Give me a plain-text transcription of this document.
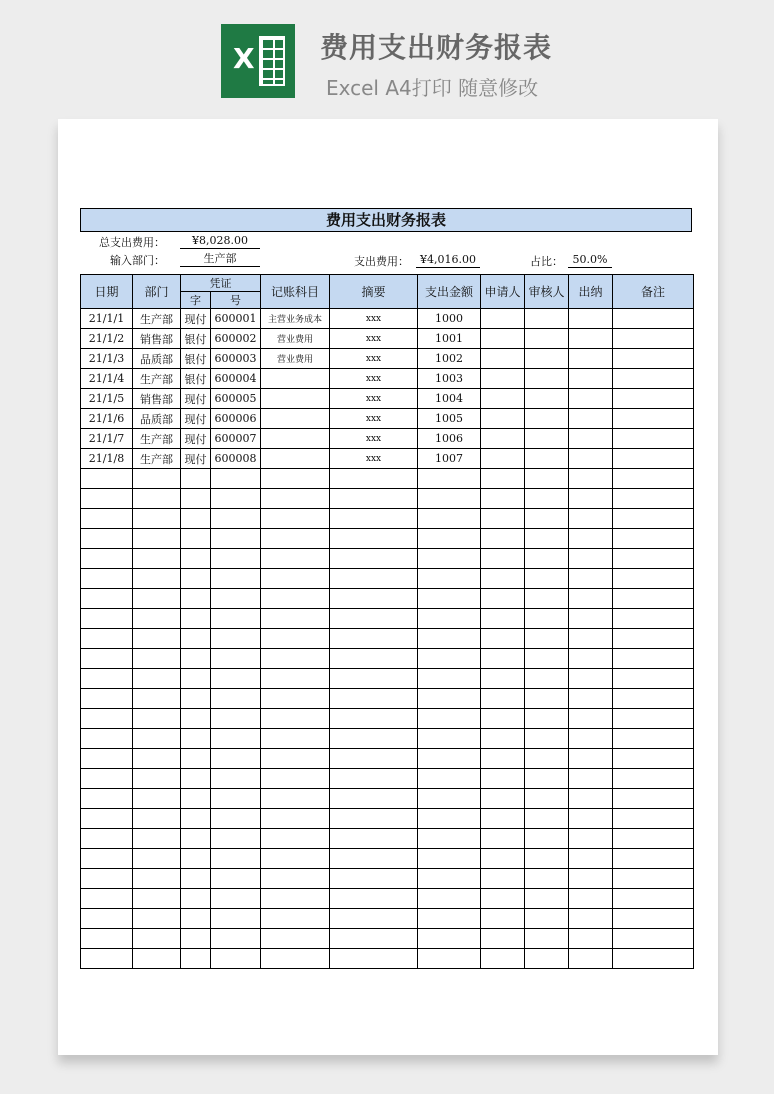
X 费用支出财务报表
Excel A4打印 随意修改
费用支出财务报表
总支出费用：	¥8,028.00
输入部门：	生产部	支出费用：	¥4,016.00	占比： 50.0%
日期	部门	凭证		记账科目	摘要	支出金额	申请人	审核人	出纳	备注
		字	号							
21/1/1	生产部	现付	600001	主营业务成本	xxx	1000				
21/1/2	销售部	银付	600002	营业费用	xxx	1001				
21/1/3	品质部	银付	600003	营业费用	xxx	1002				
21/1/4	生产部	银付	600004		xxx	1003				
21/1/5	销售部	现付	600005		xxx	1004				
21/1/6	品质部	现付	600006		xxx	1005				
21/1/7	生产部	现付	600007		xxx	1006				
21/1/8	生产部	现付	600008		xxx	1007				
